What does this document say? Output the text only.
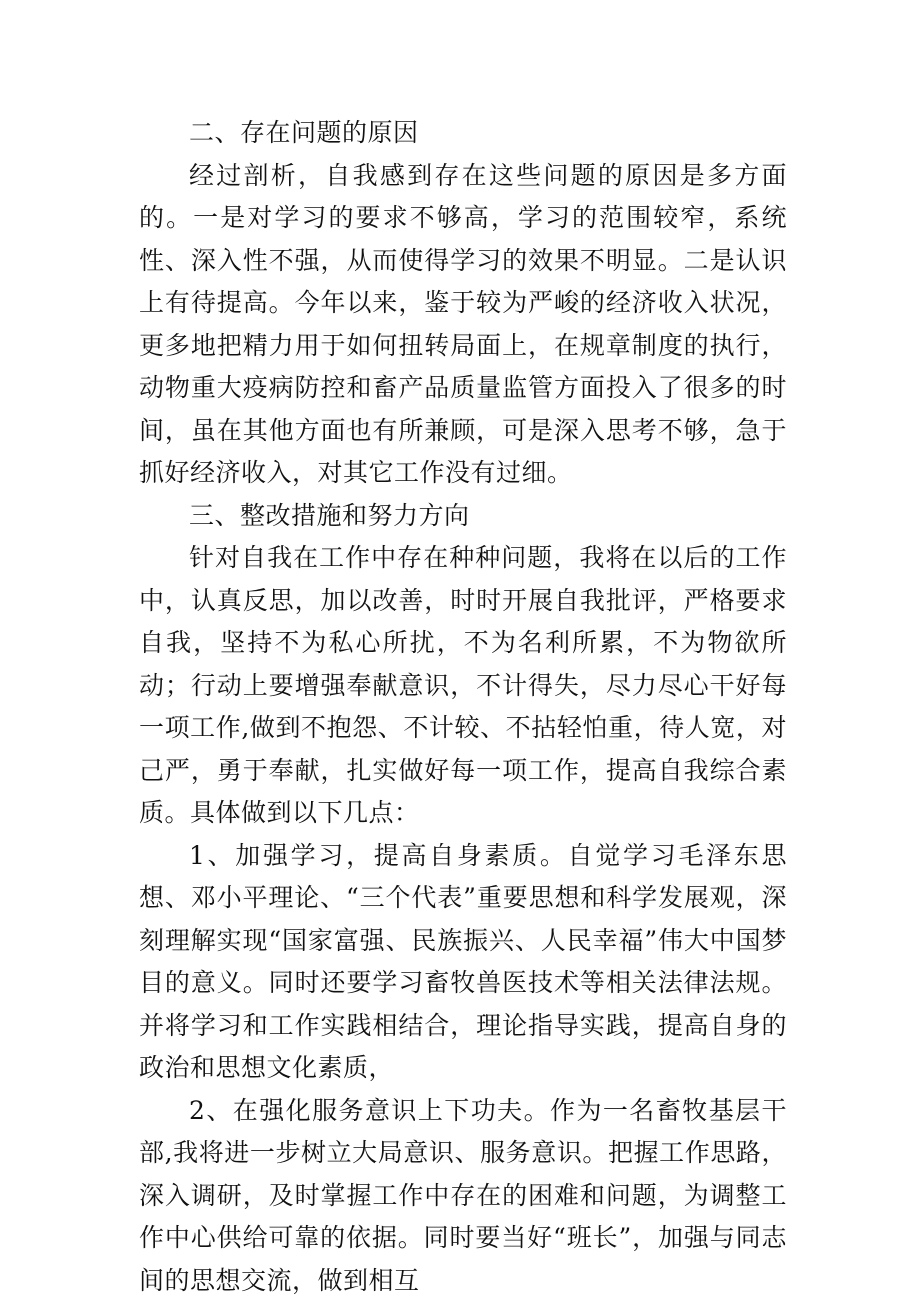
二、存在问题的原因

经过剖析，自我感到存在这些问题的原因是多方面的。一是对学习的要求不够高，学习的范围较窄，系统性、深入性不强，从而使得学习的效果不明显。二是认识上有待提高。今年以来，鉴于较为严峻的经济收入状况，更多地把精力用于如何扭转局面上，在规章制度的执行，动物重大疫病防控和畜产品质量监管方面投入了很多的时间，虽在其他方面也有所兼顾，可是深入思考不够，急于抓好经济收入，对其它工作没有过细。

三、整改措施和努力方向

针对自我在工作中存在种种问题，我将在以后的工作中，认真反思，加以改善，时时开展自我批评，严格要求自我，坚持不为私心所扰，不为名利所累，不为物欲所动；行动上要增强奉献意识，不计得失，尽力尽心干好每一项工作,做到不抱怨、不计较、不拈轻怕重，待人宽，对己严，勇于奉献，扎实做好每一项工作，提高自我综合素质。具体做到以下几点：

1、加强学习，提高自身素质。自觉学习毛泽东思想、邓小平理论、“三个代表”重要思想和科学发展观，深刻理解实现“国家富强、民族振兴、人民幸福”伟大中国梦目的意义。同时还要学习畜牧兽医技术等相关法律法规。并将学习和工作实践相结合，理论指导实践，提高自身的政治和思想文化素质，

2、在强化服务意识上下功夫。作为一名畜牧基层干部,我将进一步树立大局意识、服务意识。把握工作思路，深入调研，及时掌握工作中存在的困难和问题，为调整工作中心供给可靠的依据。同时要当好“班长”，加强与同志间的思想交流，做到相互
